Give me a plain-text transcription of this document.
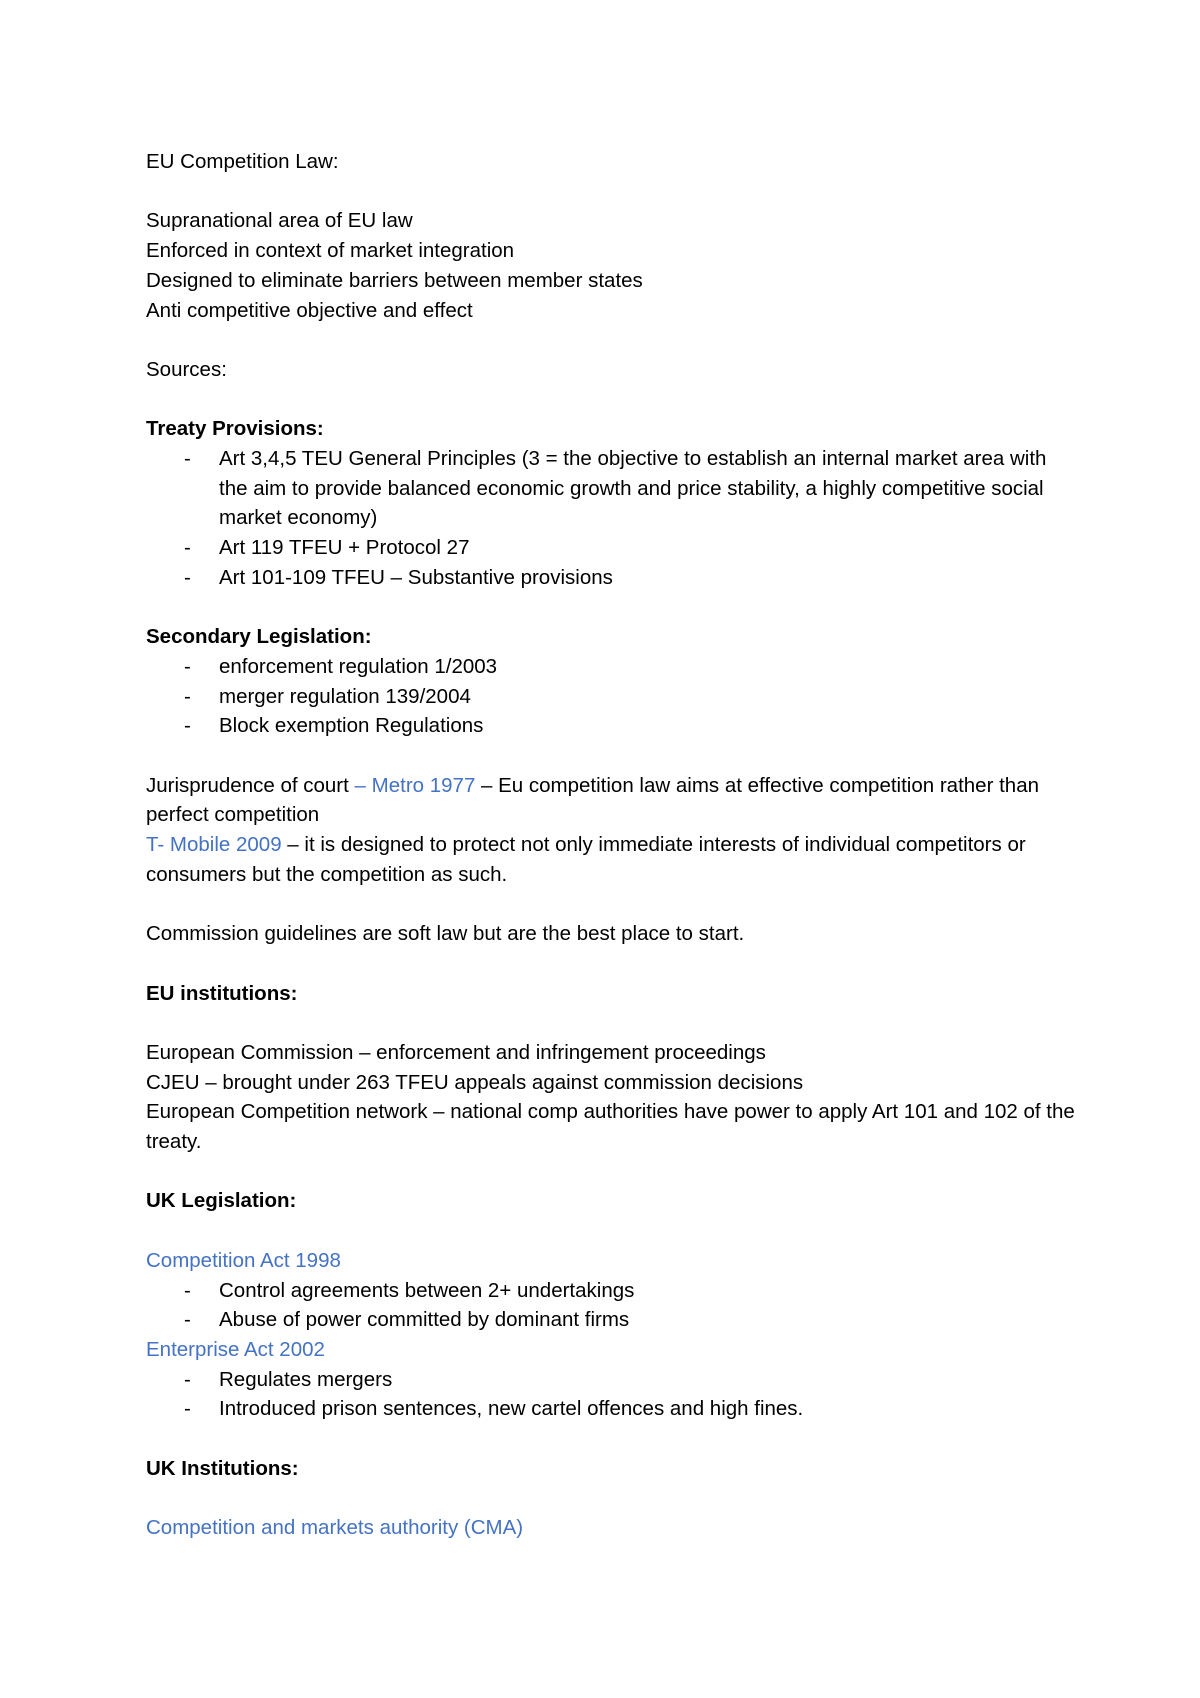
EU Competition Law:

Supranational area of EU law

Enforced in context of market integration

Designed to eliminate barriers between member states

Anti competitive objective and effect

Sources:

Treaty Provisions:

- Art 3,4,5 TEU General Principles (3 = the objective to establish an internal market area with the aim to provide balanced economic growth and price stability, a highly competitive social market economy)
- Art 119 TFEU + Protocol 27
- Art 101-109 TFEU – Substantive provisions

Secondary Legislation:

- enforcement regulation 1/2003
- merger regulation 139/2004
- Block exemption Regulations

Jurisprudence of court – Metro 1977 – Eu competition law aims at effective competition rather than perfect competition

T- Mobile 2009 – it is designed to protect not only immediate interests of individual competitors or consumers but the competition as such.

Commission guidelines are soft law but are the best place to start.

EU institutions:

European Commission – enforcement and infringement proceedings

CJEU – brought under 263 TFEU appeals against commission decisions

European Competition network – national comp authorities have power to apply Art 101 and 102 of the treaty.

UK Legislation:

Competition Act 1998

- Control agreements between 2+ undertakings
- Abuse of power committed by dominant firms

Enterprise Act 2002

- Regulates mergers
- Introduced prison sentences, new cartel offences and high fines.

UK Institutions:

Competition and markets authority (CMA)
